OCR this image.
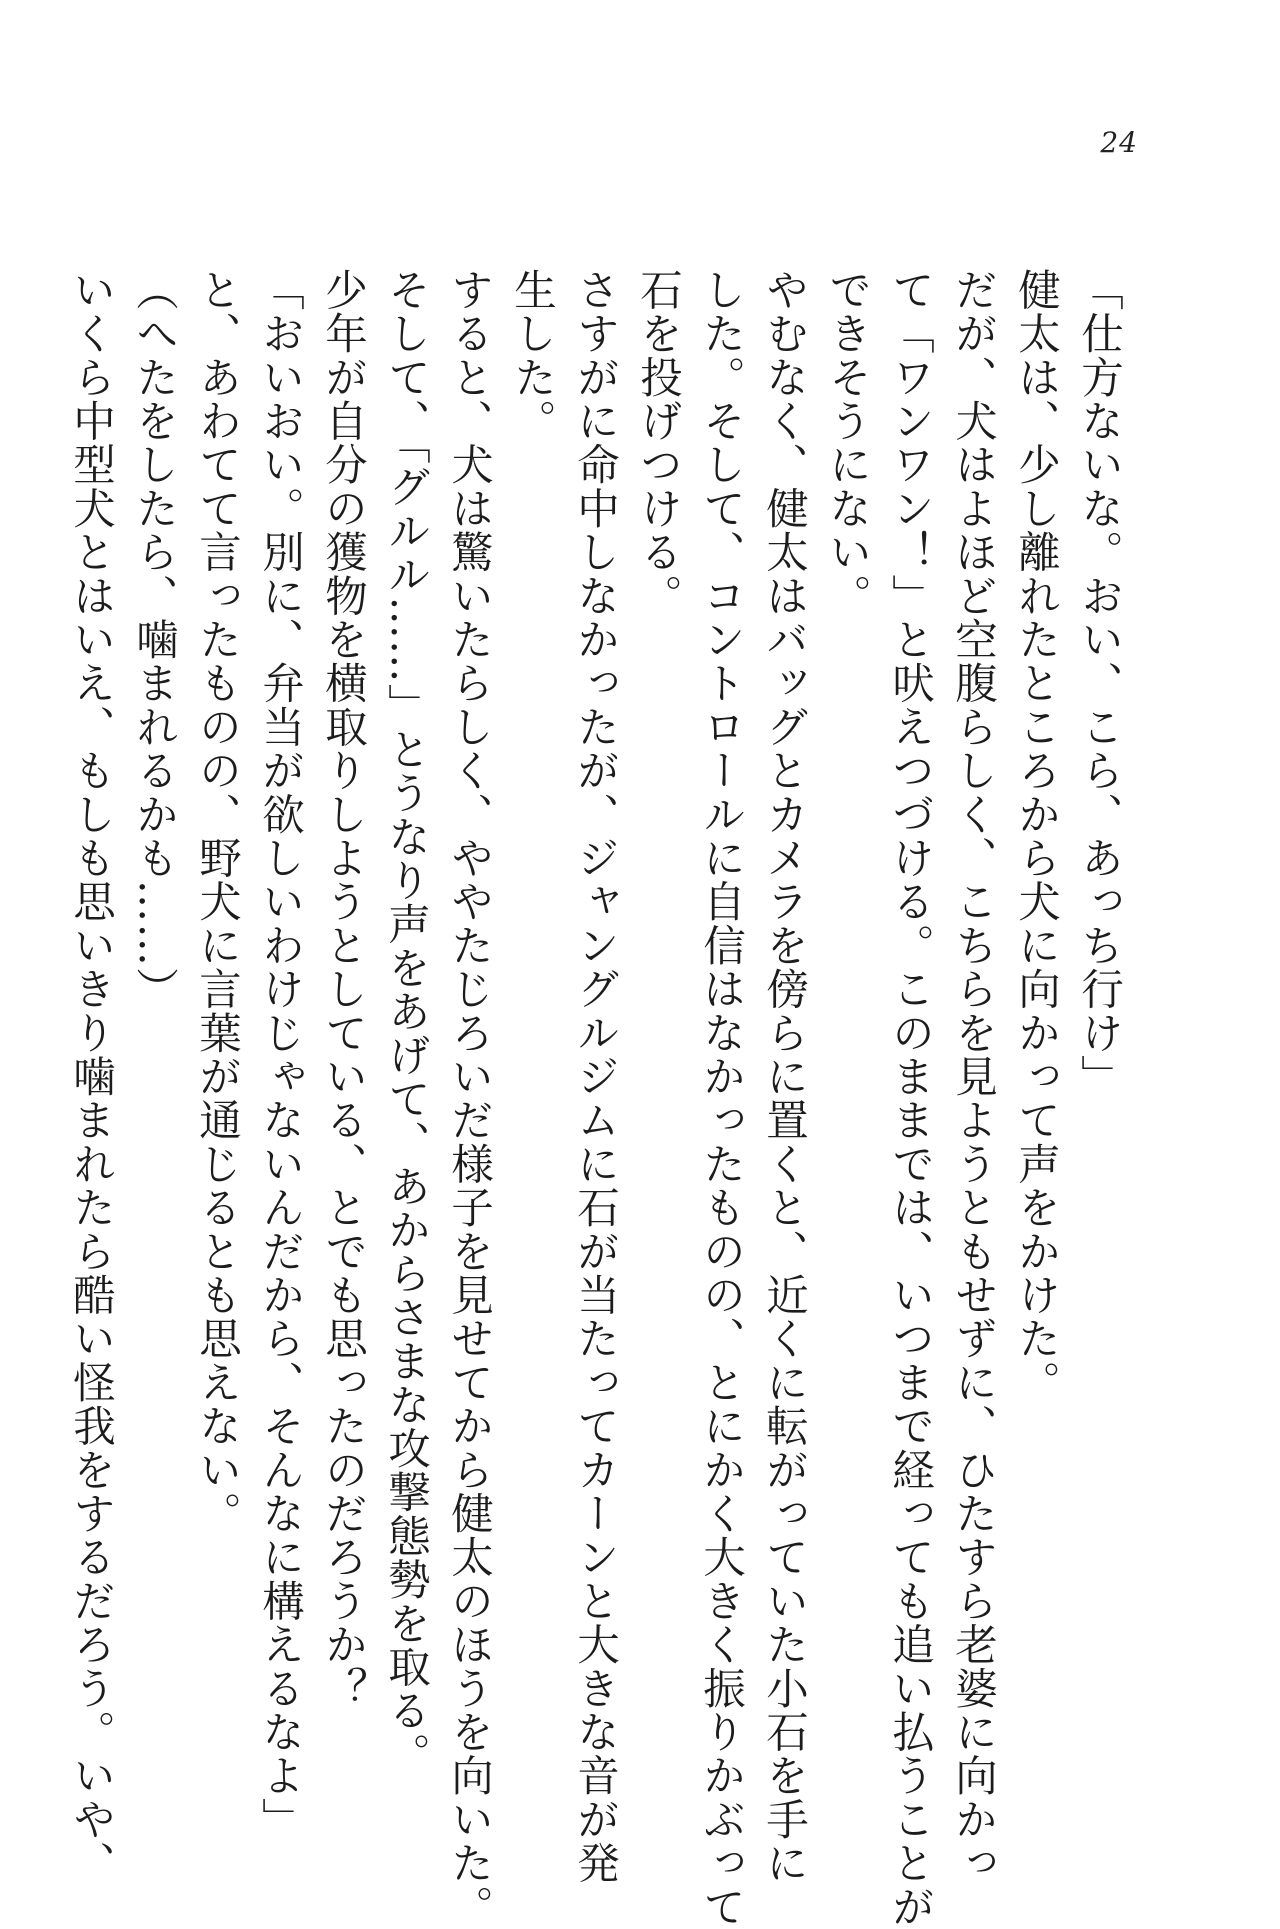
24
「仕方ないな。おい、こら、あっち行け」
健太は、少し離れたところから犬に向かって声をかけた。
だが、犬はよほど空腹らしく、こちらを見ようともせずに、ひたすら老婆に向かっ
て「ワンワン！」と吠えつづける。このままでは、いつまで経っても追い払うことが
できそうにない。
やむなく、健太はバッグとカメラを傍らに置くと、近くに転がっていた小石を手に
した。そして、コントロールに自信はなかったものの、とにかく大きく振りかぶって
石を投げつける。
さすがに命中しなかったが、ジャングルジムに石が当たってカーンと大きな音が発
生した。
すると、犬は驚いたらしく、ややたじろいだ様子を見せてから健太のほうを向いた。
そして、「グルル……」とうなり声をあげて、あからさまな攻撃態勢を取る。
少年が自分の獲物を横取りしようとしている、とでも思ったのだろうか？
「おいおい。別に、弁当が欲しいわけじゃないんだから、そんなに構えるなよ」
と、あわてて言ったものの、野犬に言葉が通じるとも思えない。
（へたをしたら、噛まれるかも……）
いくら中型犬とはいえ、もしも思いきり噛まれたら酷い怪我をするだろう。いや、
